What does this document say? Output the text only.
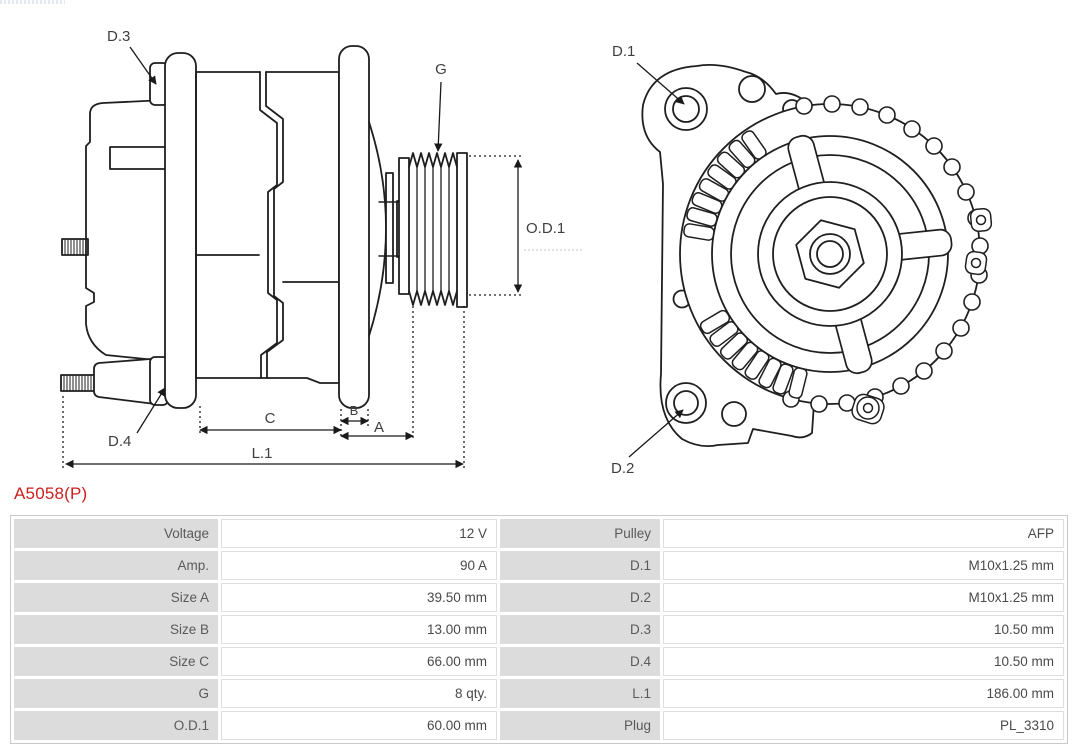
D.3
D.4
G
O.D.1
C	B
A
L.1
D.1
D.2
A5058(P)
Voltage	12 V	Pulley	AFP
Amp.	90 A	D.1	M10x1.25 mm
Size A	39.50 mm	D.2	M10x1.25 mm
Size B	13.00 mm	D.3	10.50 mm
Size C	66.00 mm	D.4	10.50 mm
G	8 qty.	L.1	186.00 mm
O.D.1	60.00 mm	Plug	PL_3310
